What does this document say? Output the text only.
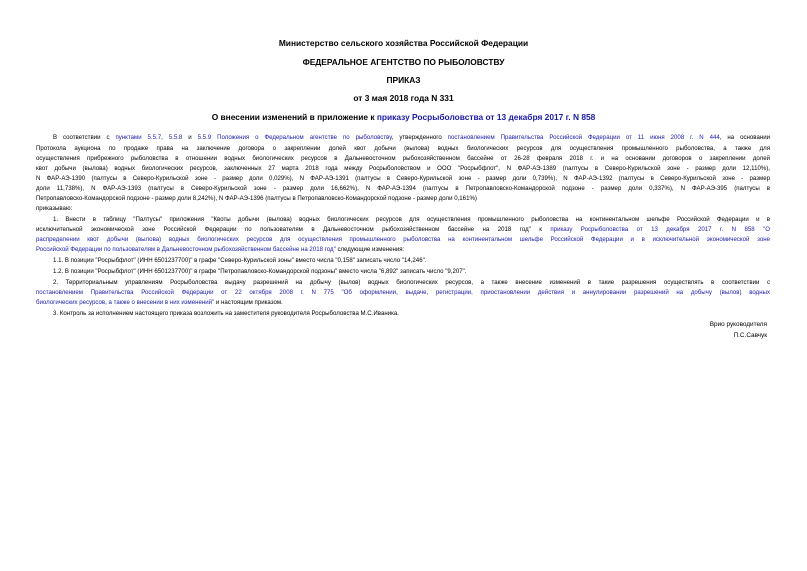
Министерство сельского хозяйства Российской Федерации
ФЕДЕРАЛЬНОЕ АГЕНТСТВО ПО РЫБОЛОВСТВУ
ПРИКАЗ
от 3 мая 2018 года N 331
О внесении изменений в приложение к приказу Росрыболовства от 13 декабря 2017 г. N 858
В соответствии с пунктами 5.5.7, 5.5.8 и 5.5.9 Положения о Федеральном агентстве по рыболовству, утвержденного постановлением Правительства Российской Федерации от 11 июня 2008 г. N 444, на основании
Протокола аукциона по продаже права на заключение договора о закреплении долей квот добычи (вылова) водных биологических ресурсов для осуществления промышленного рыболовства, а также для
осуществления прибрежного рыболовства в отношении водных биологических ресурсов в Дальневосточном рыбохозяйственном бассейне от 26-28 февраля 2018 г. и на основании договоров о закреплении долей
квот добычи (вылова) водных биологических ресурсов, заключенных 27 марта 2018 года между Росрыболовством и ООО "Росрыбфлот", N ФАР-АЭ-1389 (палтусы в Северо-Курильской зоне - размер доли 12,110%),
N ФАР-АЭ-1390 (палтусы в Северо-Курильской зоне - размер доли 0,029%), N ФАР-АЭ-1391 (палтусы в Северо-Курильской зоне - размер доли 0,739%), N ФАР-АЭ-1392 (палтусы в Северо-Курильской зоне - размер
доли 11,738%), N ФАР-АЭ-1393 (палтусы в Северо-Курильской зоне - размер доли 16,662%), N ФАР-АЭ-1394 (палтусы в Петропавловско-Командорской подзоне - размер доли 0,337%), N ФАР-АЭ-395 (палтусы в
Петропавловско-Командорской подзоне - размер доли 8,242%), N ФАР-АЭ-1396 (палтусы в Петропавловско-Командорской подзоне - размер доли 0,161%)
приказываю:
1. Внести в таблицу "Палтусы" приложения "Квоты добычи (вылова) водных биологических ресурсов для осуществления промышленного рыболовства на континентальном шельфе Российской Федерации и в
исключительной экономической зоне Российской Федерации по пользователям в Дальневосточном рыбохозяйственном бассейне на 2018 год" к приказу Росрыболовства от 13 декабря 2017 г. N 858 "О
распределении квот добычи (вылова) водных биологических ресурсов для осуществления промышленного рыболовства на континентальном шельфе Российской Федерации и в исключительной экономической зоне
Российской Федерации по пользователям в Дальневосточном рыбохозяйственном бассейне на 2018 год" следующие изменения:
1.1. В позиции "Росрыбфлот" (ИНН 6501237700)" в графе "Северо-Курильской зоны" вместо числа "0,158" записать число "14,246".
1.2. В позиции "Росрыбфлот" (ИНН 6501237700)" в графе "Петропавловско-Командорской подзоны" вместо числа "6,892" записать число "9,207".
2. Территориальным управлениям Росрыболовства выдачу разрешений на добычу (вылов) водных биологических ресурсов, а также внесение изменений в такие разрешения осуществлять в соответствии с
постановлением Правительства Российской Федерации от 22 октября 2008 г. N 775 "Об оформлении, выдаче, регистрации, приостановлении действия и аннулировании разрешений на добычу (вылов) водных
биологических ресурсов, а также о внесении в них изменений" и настоящим приказом.
3. Контроль за исполнением настоящего приказа возложить на заместителя руководителя Росрыболовства М.С.Иваника.
Врио руководителя
П.С.Савчук
